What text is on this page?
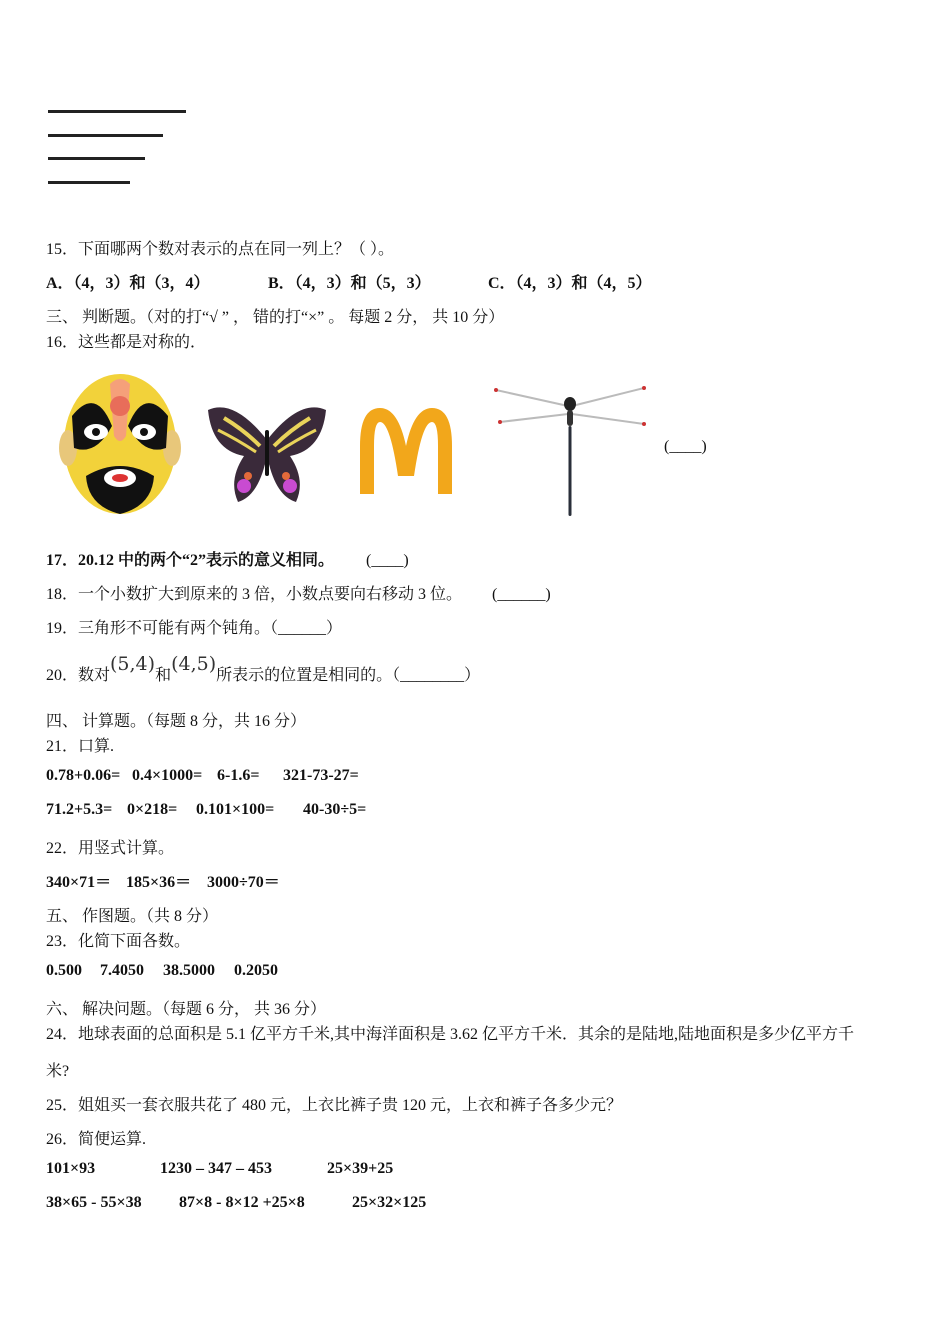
15．下面哪两个数对表示的点在同一列上？（ ）。
A．（4，3）和（3，4）	B．（4，3）和（5，3）	C．（4，3）和（4，5）
三、 判断题。（对的打“√ ” ， 错的打“×” 。 每题 2 分， 共 10 分）
16．这些都是对称的．
(____)
17．20.12 中的两个“2”表示的意义相同。 (____)
18．一个小数扩大到原来的 3 倍，小数点要向右移动 3 位。 (______)
19．三角形不可能有两个钝角。（______）
20．数对(5,4)和(4,5)所表示的位置是相同的。（________）
四、 计算题。（每题 8 分，共 16 分）
21．口算.
0.78+0.06= 0.4×1000= 6-1.6= 321-73-27=
71.2+5.3= 0×218= 0.101×100= 40-30÷5=
22．用竖式计算。
340×71＝ 185×36＝ 3000÷70＝
五、 作图题。（共 8 分）
23．化简下面各数。
0.500 7.4050 38.5000 0.2050
六、 解决问题。（每题 6 分， 共 36 分）
24．地球表面的总面积是 5.1 亿平方千米,其中海洋面积是 3.62 亿平方千米．其余的是陆地,陆地面积是多少亿平方千
米?
25．姐姐买一套衣服共花了 480 元，上衣比裤子贵 120 元，上衣和裤子各多少元？
26．简便运算.
101×93	1230 – 347 – 453	25×39+25
38×65 - 55×38 87×8 - 8×12 +25×8	25×32×125
